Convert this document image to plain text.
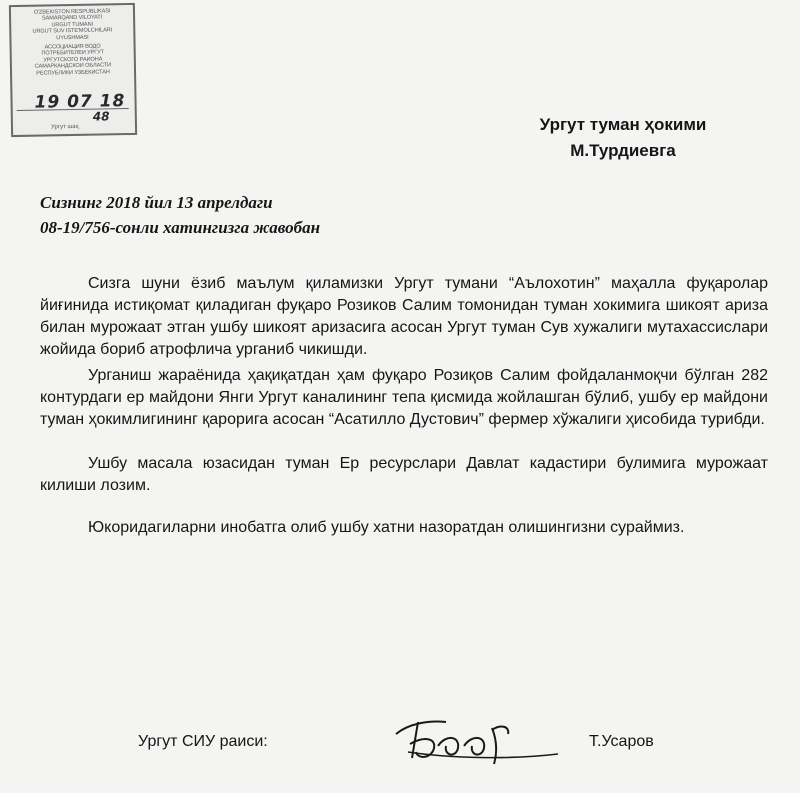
O'ZBEKISTON RESPUBLIKASI
SAMARQAND VILOYATI
URGUT TUMANI
URGUT SUV ISTE'MOLCHILARI
UYUSHMASI
АССОЦИАЦИЯ ВОДО
ПОТРЕБИТЕЛЕЙ УРГУТ
УРГУТСКОГО РАЙОНА
САМАРКАНДСКОЙ ОБЛАСТИ
РЕСПУБЛИКИ УЗБЕКИСТАН
19 07 18
48
Ургут шаҳ	Ургут туман ҳокими
М.Турдиевга
Сизнинг 2018 йил 13 апрелдаги
08-19/756-сонли хатингизга жавобан

Сизга шуни ёзиб маълум қиламизки Ургут тумани “Аълохотин” маҳалла фуқаролар йиғинида истиқомат қиладиган фуқаро Розиков Салим томонидан туман хокимига шикоят ариза билан мурожаат этган ушбу шикоят аризасига асосан Ургут туман Сув хужалиги мутахассислари жойида бориб атрофлича урганиб чикишди.

Урганиш жараёнида ҳақиқатдан ҳам фуқаро Розиқов Салим фойдаланмоқчи бўлган 282 контурдаги ер майдони Янги Ургут каналининг тепа қисмида жойлашган бўлиб, ушбу ер майдони туман ҳокимлигининг қарорига асосан “Асатилло Дустович” фермер хўжалиги ҳисобида турибди.

Ушбу масала юзасидан туман Ер ресурслари Давлат кадастири булимига мурожаат килиши лозим.

Юкоридагиларни инобатга олиб ушбу хатни назоратдан олишингизни сураймиз.

Ургут СИУ раиси:	Т.Усаров
